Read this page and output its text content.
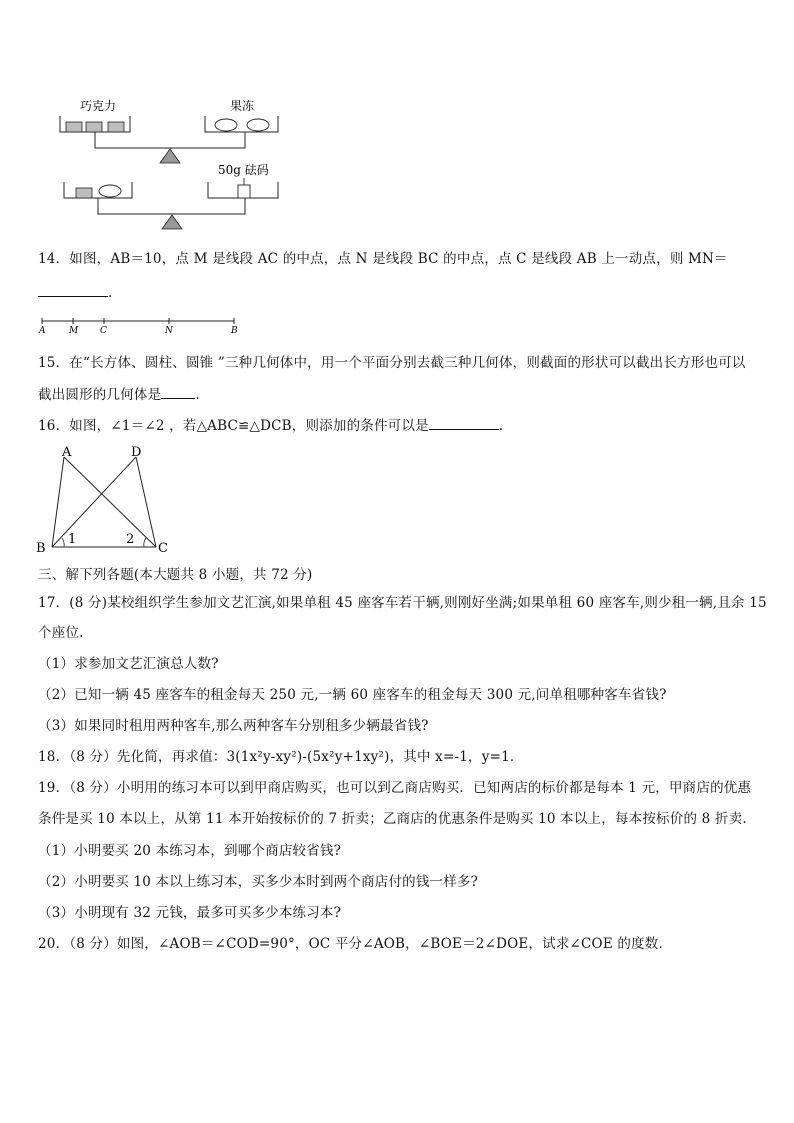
巧克力	果冻
50g 砝码
14．如图，AB＝10，点 M 是线段 AC 的中点，点 N 是线段 BC 的中点，点 C 是线段 AB 上一动点，则 MN＝
.
A	M C	N	B
15．在“长方体、圆柱、圆锥 ”三种几何体中，用一个平面分别去截三种几何体，则截面的形状可以截出长方形也可以
截出圆形的几何体是	.
16．如图，∠1＝∠2 ，若△ABC≌△DCB，则添加的条件可以是	.
A	D
B	C
1	2
三、解下列各题(本大题共 8 小题，共 72 分)
17．(8 分)某校组织学生参加文艺汇演,如果单租 45 座客车若干辆,则刚好坐满;如果单租 60 座客车,则少租一辆,且余 15
个座位.
（1）求参加文艺汇演总人数?
（2）已知一辆 45 座客车的租金每天 250 元,一辆 60 座客车的租金每天 300 元,问单租哪种客车省钱?
（3）如果同时租用两种客车,那么两种客车分别租多少辆最省钱?
18．（8 分）先化简，再求值：3(1x²y-xy²)-(5x²y+1xy²)，其中 x=-1，y=1．
19．（8 分）小明用的练习本可以到甲商店购买，也可以到乙商店购买．已知两店的标价都是每本 1 元，甲商店的优惠
条件是买 10 本以上，从第 11 本开始按标价的 7 折卖；乙商店的优惠条件是购买 10 本以上，每本按标价的 8 折卖.
（1）小明要买 20 本练习本，到哪个商店较省钱?
（2）小明要买 10 本以上练习本，买多少本时到两个商店付的钱一样多?
（3）小明现有 32 元钱，最多可买多少本练习本?
20．（8 分）如图，∠AOB＝∠COD=90°，OC 平分∠AOB，∠BOE＝2∠DOE，试求∠COE 的度数．
